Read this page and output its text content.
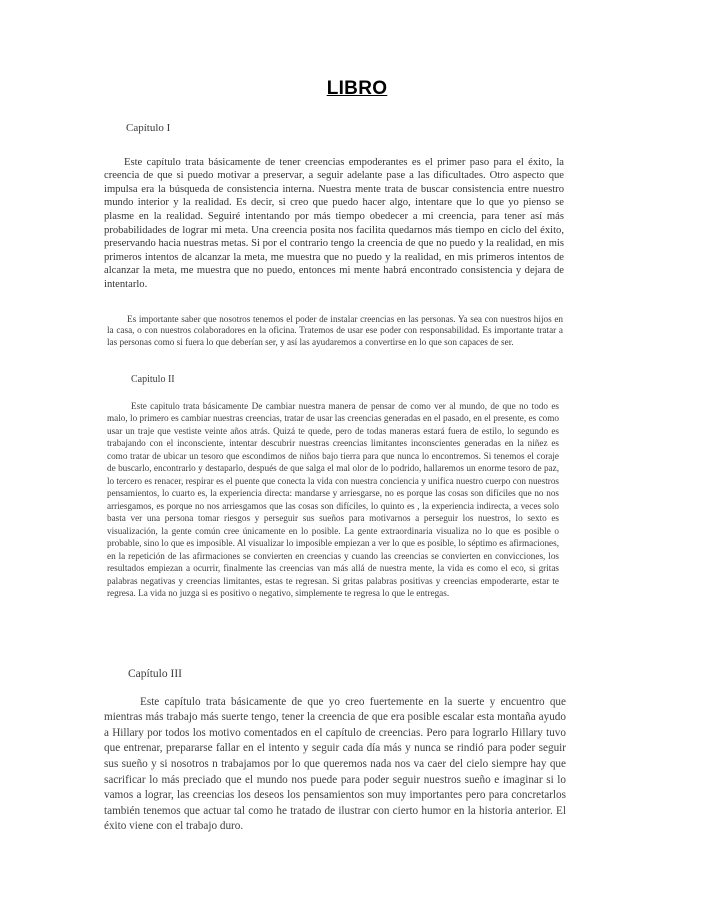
LIBRO

Capítulo I

Este capítulo trata básicamente de tener creencias empoderantes es el primer paso para el éxito, la creencia de que si puedo motivar a preservar, a seguir adelante pase a las dificultades. Otro aspecto que impulsa era la búsqueda de consistencia interna. Nuestra mente trata de buscar consistencia entre nuestro mundo interior y la realidad. Es decir, si creo que puedo hacer algo, intentare que lo que yo pienso se plasme en la realidad. Seguiré intentando por más tiempo obedecer a mi creencia, para tener así más probabilidades de lograr mi meta. Una creencia posita nos facilita quedarnos más tiempo en ciclo del éxito, preservando hacia nuestras metas. Si por el contrario tengo la creencia de que no puedo y la realidad, en mis primeros intentos de alcanzar la meta, me muestra que no puedo y la realidad, en mis primeros intentos de alcanzar la meta, me muestra que no puedo, entonces mi mente habrá encontrado consistencia y dejara de intentarlo.

Es importante saber que nosotros tenemos el poder de instalar creencias en las personas. Ya sea con nuestros hijos en la casa, o con nuestros colaboradores en la oficina. Tratemos de usar ese poder con responsabilidad. Es importante tratar a las personas como si fuera lo que deberían ser, y así las ayudaremos a convertirse en lo que son capaces de ser.

Capitulo II

Este capitulo trata básicamente De cambiar nuestra manera de pensar de como ver al mundo, de que no todo es malo, lo primero es cambiar nuestras creencias, tratar de usar las creencias generadas en el pasado, en el presente, es como usar un traje que vestiste veinte años atrás. Quizá te quede, pero de todas maneras estará fuera de estilo, lo segundo es trabajando con el inconsciente, intentar descubrir nuestras creencias limitantes inconscientes generadas en la niñez es como tratar de ubicar un tesoro que escondimos de niños bajo tierra para que nunca lo encontremos. Si tenemos el coraje de buscarlo, encontrarlo y destaparlo, después de que salga el mal olor de lo podrido, hallaremos un enorme tesoro de paz, lo tercero es renacer, respirar es el puente que conecta la vida con nuestra conciencia y unifica nuestro cuerpo con nuestros pensamientos, lo cuarto es, la experiencia directa: mandarse y arriesgarse, no es porque las cosas son difíciles que no nos arriesgamos, es porque no nos arriesgamos que las cosas son difíciles, lo quinto es , la experiencia indirecta, a veces solo basta ver una persona tomar riesgos y perseguir sus sueños para motivarnos a perseguir los nuestros, lo sexto es visualización, la gente común cree únicamente en lo posible. La gente extraordinaria visualiza no lo que es posible o probable, sino lo que es imposible. Al visualizar lo imposible empiezan a ver lo que es posible, lo séptimo es afirmaciones, en la repetición de las afirmaciones se convierten en creencias y cuando las creencias se convierten en convicciones, los resultados empiezan a ocurrir, finalmente las creencias van más allá de nuestra mente, la vida es como el eco, si gritas palabras negativas y creencias limitantes, estas te regresan. Si gritas palabras positivas y creencias empoderarte, estar te regresa. La vida no juzga si es positivo o negativo, simplemente te regresa lo que le entregas.

Capítulo III

Este capítulo trata básicamente de que yo creo fuertemente en la suerte y encuentro que mientras más trabajo más suerte tengo, tener la creencia de que era posible escalar esta montaña ayudo a Hillary por todos los motivo comentados en el capítulo de creencias. Pero para lograrlo Hillary tuvo que entrenar, prepararse fallar en el intento y seguir cada día más y nunca se rindió para poder seguir sus sueño y si nosotros n trabajamos por lo que queremos nada nos va caer del cielo siempre hay que sacrificar lo más preciado que el mundo nos puede para poder seguir nuestros sueño e imaginar si lo vamos a lograr, las creencias los deseos los pensamientos son muy importantes pero para concretarlos también tenemos que actuar tal como he tratado de ilustrar con cierto humor en la historia anterior. El éxito viene con el trabajo duro.
